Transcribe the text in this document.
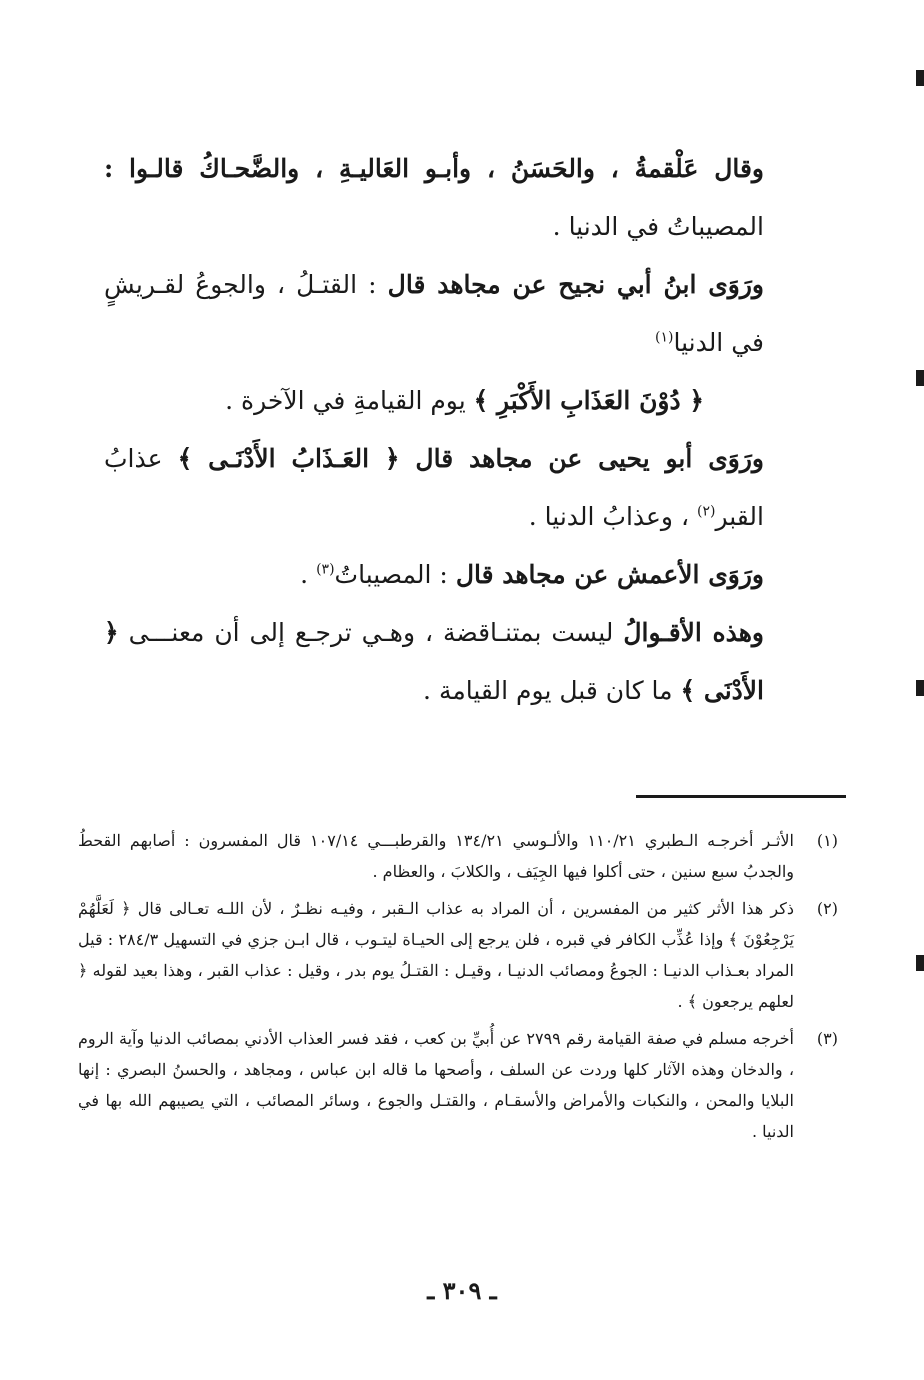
وقال عَلْقمةُ ، والحَسَنُ ، وأبـو العَاليـةِ ، والضَّحـاكُ قالـوا : المصيباتُ في الدنيا .

ورَوَى ابنُ أبي نجيح عن مجاهد قال : القتـلُ ، والجوعُ لقـريشٍ في الدنيا$^{(١)}$

﴿ دُوْنَ العَذَابِ الأَكْبَرِ ﴾ يوم القيامةِ في الآخرة .

ورَوَى أبو يحيى عن مجاهد قال ﴿ العَـذَابُ الأَدْنَـى ﴾ عذابُ القبر$^{(٢)}$ ، وعذابُ الدنيا .

ورَوَى الأعمش عن مجاهد قال : المصيباتُ$^{(٣)}$ .

وهذه الأقـوالُ ليست بمتنـاقضة ، وهـي ترجـع إلى أن معنـــى ﴿ الأَدْنَى ﴾ ما كان قبل يوم القيامة .

(١)
الأثـر أخرجـه الـطبري ١١٠/٢١ والألـوسي ١٣٤/٢١ والقرطبـــي ١٠٧/١٤ قال المفسرون : أصابهم القحطُ والجدبُ سبع سنين ، حتى أكلوا فيها الجِيَف ، والكلابَ ، والعظام .
(٢)
ذكر هذا الأثر كثير من المفسرين ، أن المراد به عذاب الـقبر ، وفيـه نظـرٌ ، لأن اللـه تعـالى قال ﴿ لَعَلَّهُمْ يَرْجِعُوْنَ ﴾ وإذا عُذِّب الكافر في قبره ، فلن يرجع إلى الحيـاة ليتـوب ، قال ابـن جزي في التسهيل ٢٨٤/٣ : قيل المراد بعـذاب الدنيـا : الجوعُ ومصائب الدنيـا ، وقيـل : القتـلُ يوم بدر ، وقيل : عذاب القبر ، وهذا بعيد لقوله ﴿ لعلهم يرجعون ﴾ .
(٣)
أخرجه مسلم في صفة القيامة رقم ٢٧٩٩ عن أُبيِّ بن كعب ، فقد فسر العذاب الأدني بمصائب الدنيا وآية الروم ، والدخان وهذه الآثار كلها وردت عن السلف ، وأصحها ما قاله ابن عباس ، ومجاهد ، والحسنُ البصري : إنها البلايا والمحن ، والنكبات والأمراض والأسقـام ، والقتـل والجوع ، وسائر المصائب ، التي يصيبهم الله بها في الدنيا .
ـ ٣٠٩ ـ
